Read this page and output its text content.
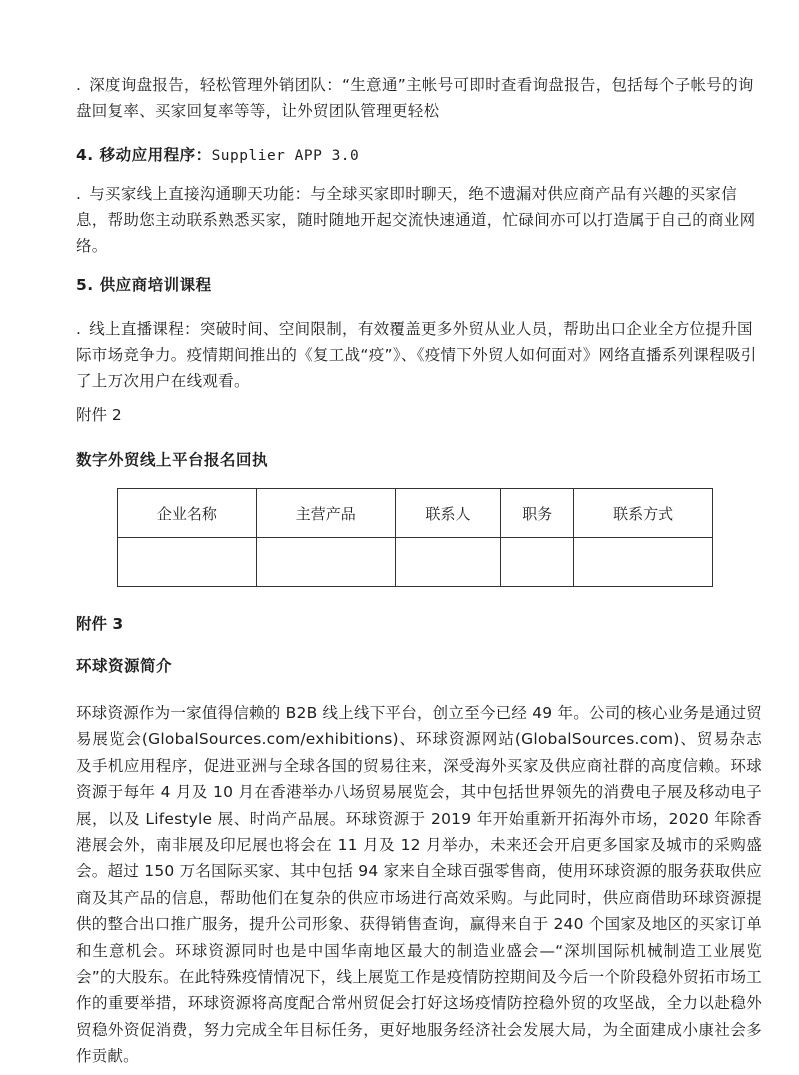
. 深度询盘报告，轻松管理外销团队：“生意通”主帐号可即时查看询盘报告，包括每个子帐号的询盘回复率、买家回复率等等，让外贸团队管理更轻松

4. 移动应用程序：Supplier APP 3.0

. 与买家线上直接沟通聊天功能：与全球买家即时聊天，绝不遗漏对供应商产品有兴趣的买家信息，帮助您主动联系熟悉买家，随时随地开起交流快速通道，忙碌间亦可以打造属于自己的商业网络。

5. 供应商培训课程

. 线上直播课程：突破时间、空间限制，有效覆盖更多外贸从业人员，帮助出口企业全方位提升国际市场竞争力。疫情期间推出的《复工战“疫”》、《疫情下外贸人如何面对》网络直播系列课程吸引了上万次用户在线观看。

附件 2

数字外贸线上平台报名回执

企业名称	主营产品	联系人	职务	联系方式

附件 3

环球资源简介

环球资源作为一家值得信赖的 B2B 线上线下平台，创立至今已经 49 年。公司的核心业务是通过贸易展览会(GlobalSources.com/exhibitions)、环球资源网站(GlobalSources.com)、贸易杂志及手机应用程序，促进亚洲与全球各国的贸易往来，深受海外买家及供应商社群的高度信赖。环球资源于每年 4 月及 10 月在香港举办八场贸易展览会，其中包括世界领先的消费电子展及移动电子展，以及 Lifestyle 展、时尚产品展。环球资源于 2019 年开始重新开拓海外市场，2020 年除香港展会外，南非展及印尼展也将会在 11 月及 12 月举办，未来还会开启更多国家及城市的采购盛会。超过 150 万名国际买家、其中包括 94 家来自全球百强零售商，使用环球资源的服务获取供应商及其产品的信息，帮助他们在复杂的供应市场进行高效采购。与此同时，供应商借助环球资源提供的整合出口推广服务，提升公司形象、获得销售查询，赢得来自于 240 个国家及地区的买家订单和生意机会。环球资源同时也是中国华南地区最大的制造业盛会—“深圳国际机械制造工业展览会”的大股东。在此特殊疫情情况下，线上展览工作是疫情防控期间及今后一个阶段稳外贸拓市场工作的重要举措，环球资源将高度配合常州贸促会打好这场疫情防控稳外贸的攻坚战，全力以赴稳外贸稳外资促消费，努力完成全年目标任务，更好地服务经济社会发展大局，为全面建成小康社会多作贡献。
